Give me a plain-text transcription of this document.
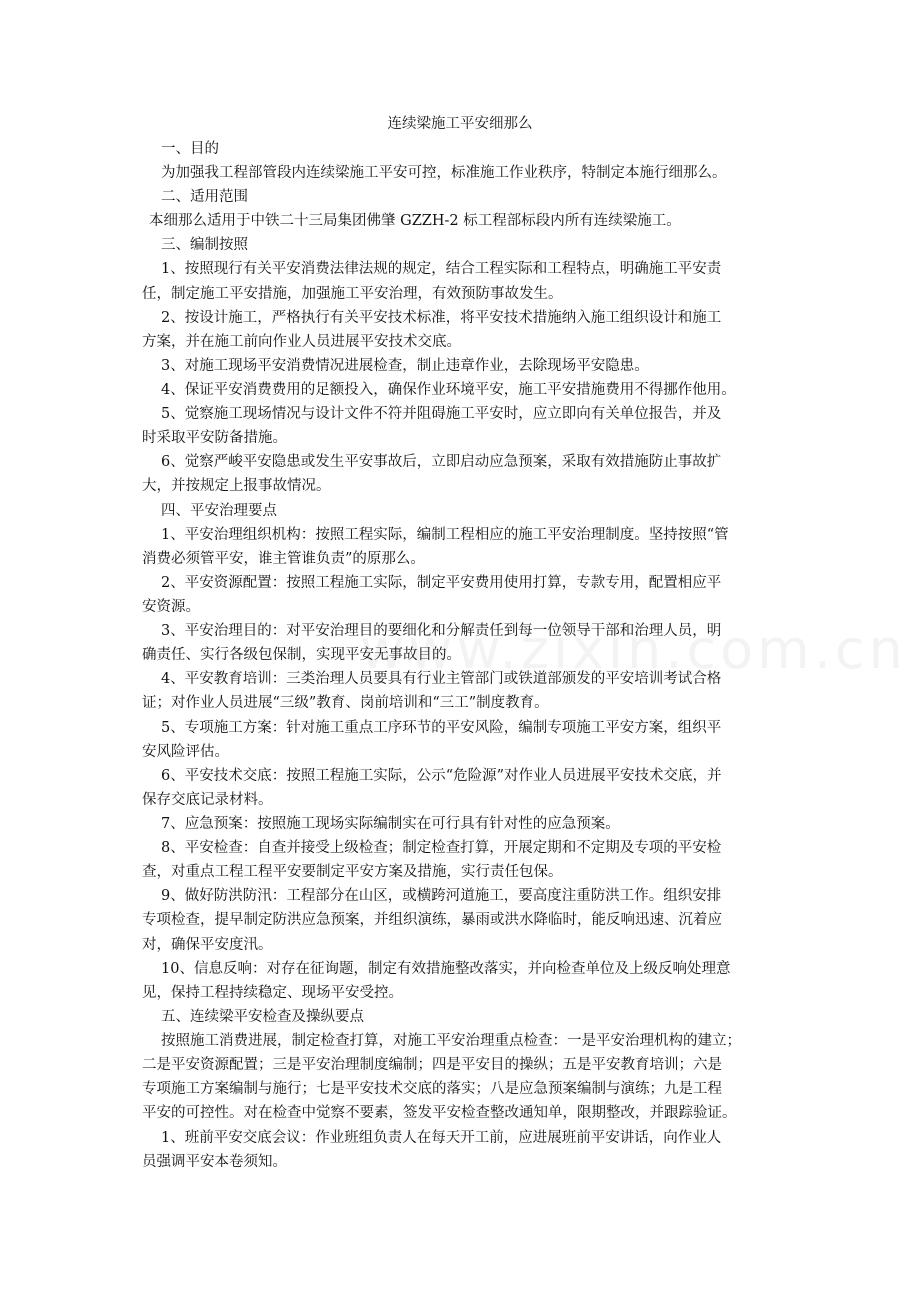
连续梁施工平安细那么
一、目的
为加强我工程部管段内连续梁施工平安可控，标准施工作业秩序，特制定本施行细那么。
二、适用范围
本细那么适用于中铁二十三局集团佛肇 GZZH-2 标工程部标段内所有连续梁施工。
三、编制按照
1、按照现行有关平安消费法律法规的规定，结合工程实际和工程特点，明确施工平安责
任，制定施工平安措施，加强施工平安治理，有效预防事故发生。
2、按设计施工，严格执行有关平安技术标准，将平安技术措施纳入施工组织设计和施工
方案，并在施工前向作业人员进展平安技术交底。
3、对施工现场平安消费情况进展检查，制止违章作业，去除现场平安隐患。
4、保证平安消费费用的足额投入，确保作业环境平安，施工平安措施费用不得挪作他用。
5、觉察施工现场情况与设计文件不符并阻碍施工平安时，应立即向有关单位报告，并及
时采取平安防备措施。
6、觉察严峻平安隐患或发生平安事故后，立即启动应急预案，采取有效措施防止事故扩
大，并按规定上报事故情况。
四、平安治理要点
1、平安治理组织机构：按照工程实际，编制工程相应的施工平安治理制度。坚持按照“管
消费必须管平安，谁主管谁负责”的原那么。
2、平安资源配置：按照工程施工实际，制定平安费用使用打算，专款专用，配置相应平
安资源。
3、平安治理目的：对平安治理目的要细化和分解责任到每一位领导干部和治理人员，明
确责任、实行各级包保制，实现平安无事故目的。
4、平安教育培训：三类治理人员要具有行业主管部门或铁道部颁发的平安培训考试合格
证；对作业人员进展“三级”教育、岗前培训和“三工”制度教育。
5、专项施工方案：针对施工重点工序环节的平安风险，编制专项施工平安方案，组织平
安风险评估。
6、平安技术交底：按照工程施工实际，公示“危险源”对作业人员进展平安技术交底，并
保存交底记录材料。
7、应急预案：按照施工现场实际编制实在可行具有针对性的应急预案。
8、平安检查：自查并接受上级检查；制定检查打算，开展定期和不定期及专项的平安检
查，对重点工程工程平安要制定平安方案及措施，实行责任包保。
9、做好防洪防汛：工程部分在山区，或横跨河道施工，要高度注重防洪工作。组织安排
专项检查，提早制定防洪应急预案，并组织演练，暴雨或洪水降临时，能反响迅速、沉着应
对，确保平安度汛。
10、信息反响：对存在征询题，制定有效措施整改落实，并向检查单位及上级反响处理意
见，保持工程持续稳定、现场平安受控。
五、连续梁平安检查及操纵要点
按照施工消费进展，制定检查打算，对施工平安治理重点检查：一是平安治理机构的建立；
二是平安资源配置；三是平安治理制度编制；四是平安目的操纵；五是平安教育培训；六是
专项施工方案编制与施行；七是平安技术交底的落实；八是应急预案编制与演练；九是工程
平安的可控性。对在检查中觉察不要素，签发平安检查整改通知单，限期整改，并跟踪验证。
1、班前平安交底会议：作业班组负责人在每天开工前，应进展班前平安讲话，向作业人
员强调平安本卷须知。
